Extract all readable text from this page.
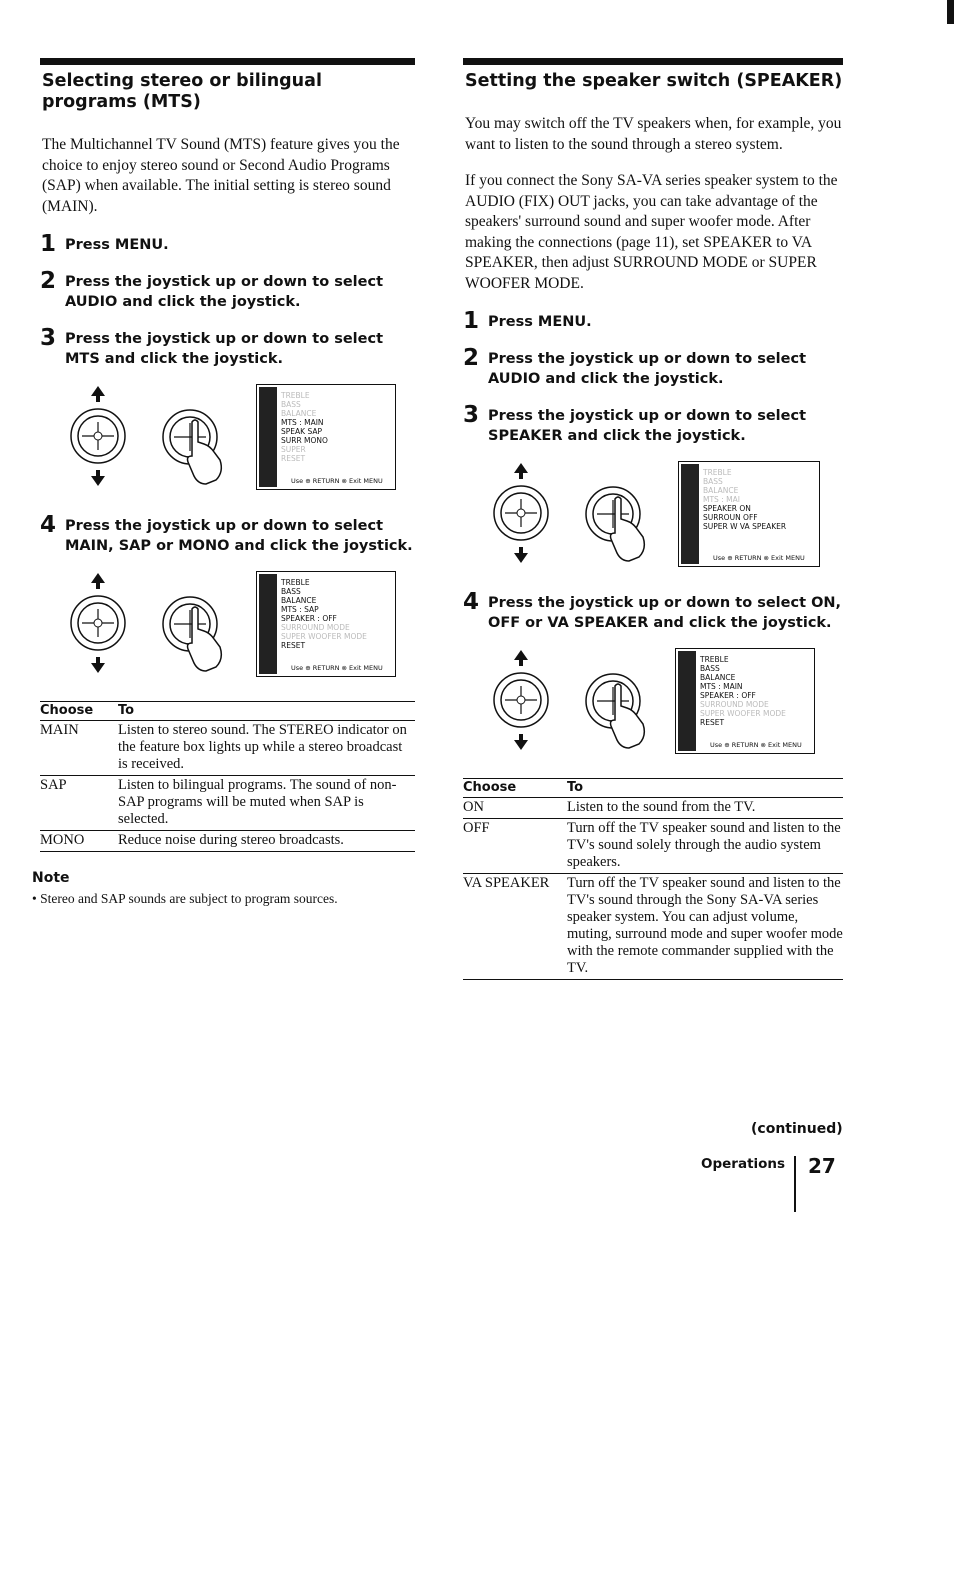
Selecting stereo or bilingual programs (MTS)

The Multichannel TV Sound (MTS) feature gives you the choice to enjoy stereo sound or Second Audio Programs (SAP) when available. The initial setting is stereo sound (MAIN).

1 Press MENU.
2 Press the joystick up or down to select AUDIO and click the joystick.
3 Press the joystick up or down to select MTS and click the joystick.
TREBLE
BASS
BALANCE
MTS : MAIN
SPEAK SAP
SURR MONO
SUPER
RESET
Use ⊕ RETURN ⊗ Exit MENU
4 Press the joystick up or down to select MAIN, SAP or MONO and click the joystick.
TREBLE
BASS
BALANCE
MTS : SAP
SPEAKER : OFF
SURROUND MODE
SUPER WOOFER MODE
RESET
Use ⊕ RETURN ⊗ Exit MENU
Choose	To
MAIN	Listen to stereo sound. The STEREO indicator on the feature box lights up while a stereo broadcast is received.
SAP	Listen to bilingual programs. The sound of non-SAP programs will be muted when SAP is selected.
MONO	Reduce noise during stereo broadcasts.
Note
• Stereo and SAP sounds are subject to program sources.
Setting the speaker switch (SPEAKER)

You may switch off the TV speakers when, for example, you want to listen to the sound through a stereo system.

If you connect the Sony SA-VA series speaker system to the AUDIO (FIX) OUT jacks, you can take advantage of the speakers' surround sound and super woofer mode. After making the connections (page 11), set SPEAKER to VA SPEAKER, then adjust SURROUND MODE or SUPER WOOFER MODE.

1 Press MENU.
2 Press the joystick up or down to select AUDIO and click the joystick.
3 Press the joystick up or down to select SPEAKER and click the joystick.
TREBLE
BASS
BALANCE
MTS : MAI
SPEAKER ON
SURROUN OFF
SUPER W VA SPEAKER
Use ⊕ RETURN ⊗ Exit MENU
4 Press the joystick up or down to select ON, OFF or VA SPEAKER and click the joystick.
TREBLE
BASS
BALANCE
MTS : MAIN
SPEAKER : OFF
SURROUND MODE
SUPER WOOFER MODE
RESET
Use ⊕ RETURN ⊗ Exit MENU
Choose	To
ON	Listen to the sound from the TV.
OFF	Turn off the TV speaker sound and listen to the TV's sound solely through the audio system speakers.
VA SPEAKER	Turn off the TV speaker sound and listen to the TV's sound through the Sony SA-VA series speaker system. You can adjust volume, muting, surround mode and super woofer mode with the remote commander supplied with the TV.
(continued)
Operations 27
